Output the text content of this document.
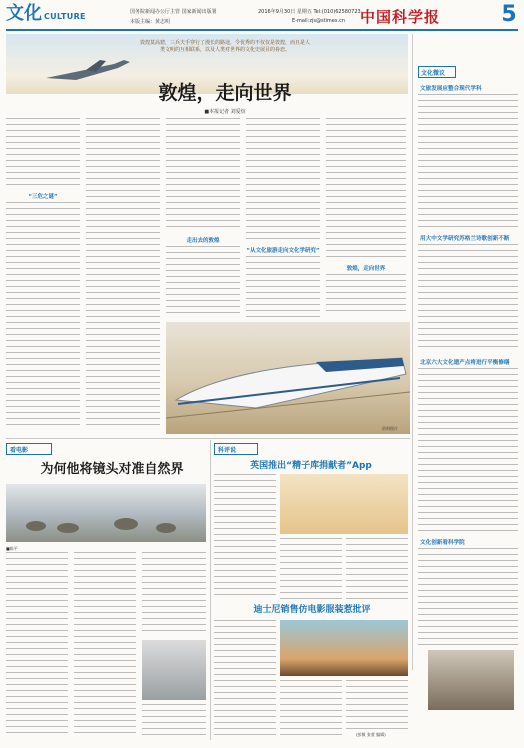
文化 CULTURE	国务院新闻办公厅主管 国家新闻出版署
本版主编：黄志明
2016年9月30日 星期五 Tel:(010)62580723
E-mail:zjs@stimes.cn 中国科学报	5
敦煌莫高窟，三兵夫手穿行了漫长的路途，令优秀的不仅仅是敦煌，而且是人类文明的互相联系，以及人类对世界的文化史展目的眷恋。
敦煌，走向世界
■本报记者 刘爱煊
“三危之谜”
走出去的敦煌
“从文化旅游走向文化学研究”
敦煌，走向世界
资料图片
文化微议
文旅发展应整合现代学科
用大中文学研究苏格兰诗歌创新不断
北京六大文化遗产点将进行平衡修缮
文化创新看科学院
看电影
为何他将镜头对准自然界
■陈平
科评说
英国推出“精子库捐献者”App
迪士尼销售仿电影服装惹批评
(彭敏 张萱 编辑)
